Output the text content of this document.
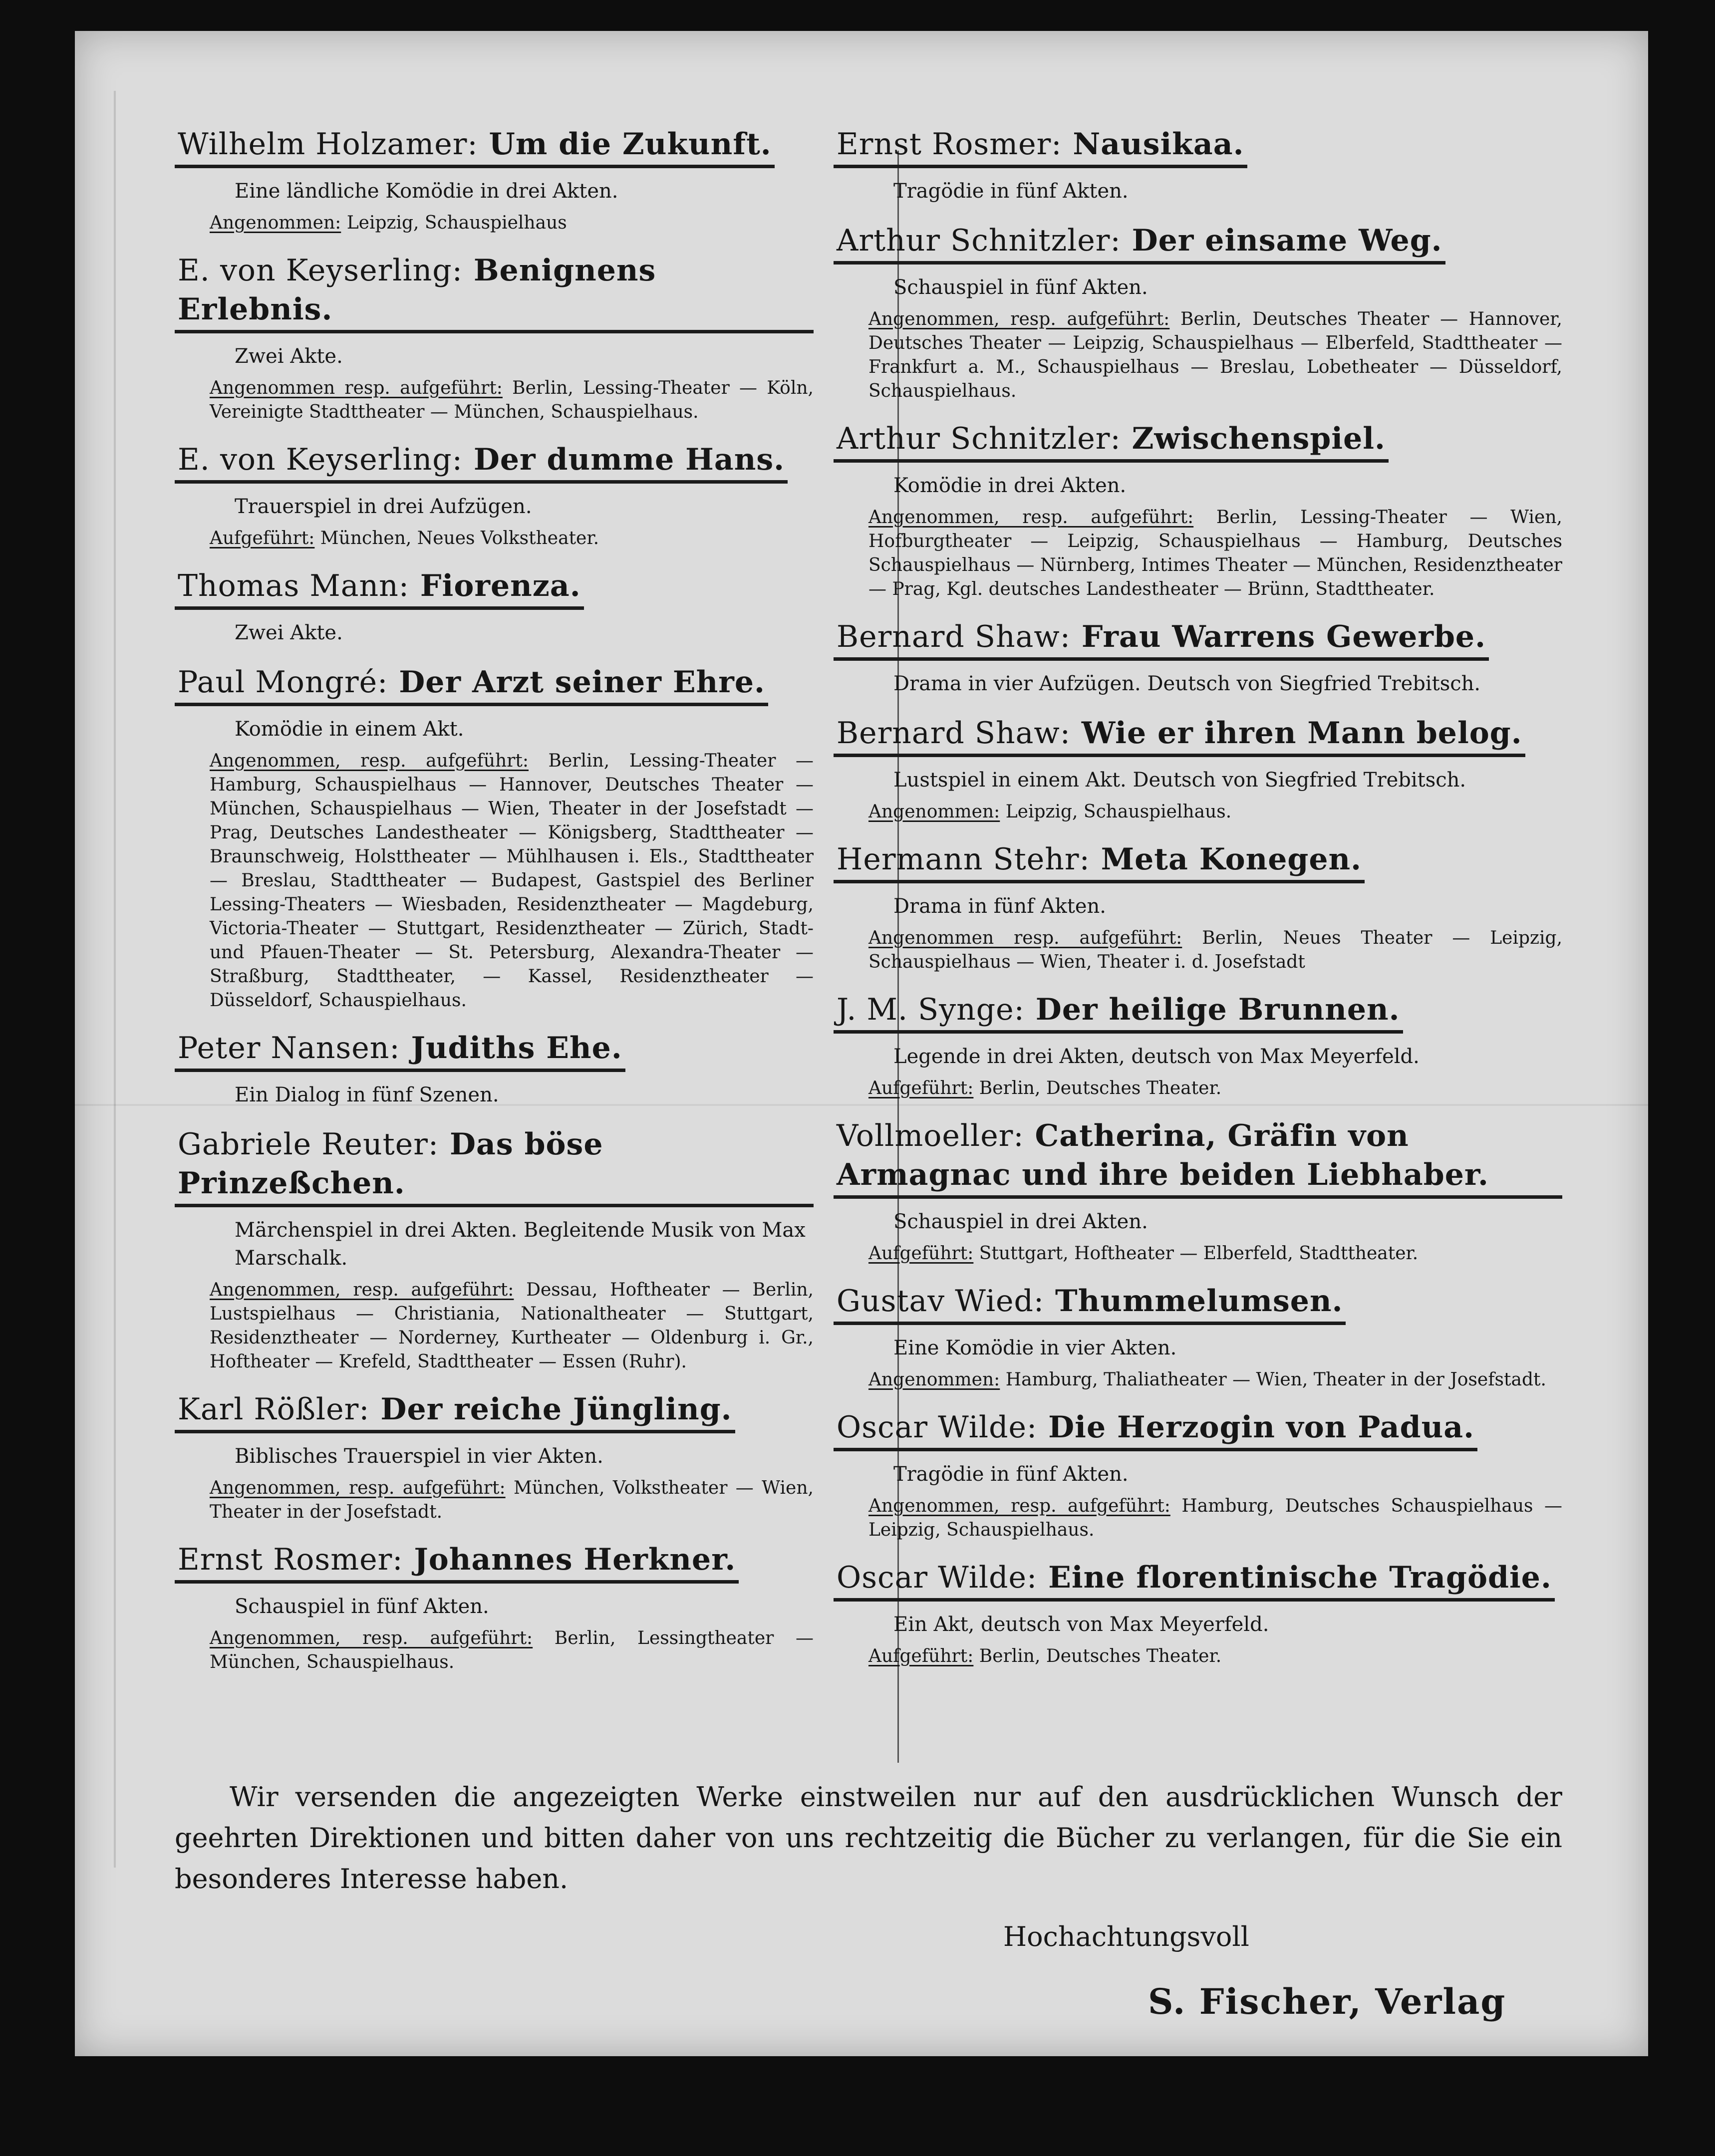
Wilhelm Holzamer: Um die Zukunft.
Eine ländliche Komödie in drei Akten.
Angenommen: Leipzig, Schauspielhaus
E. von Keyserling: Benignens Erlebnis.
Zwei Akte.
Angenommen resp. aufgeführt: Berlin, Lessing-Theater — Köln, Vereinigte Stadttheater — München, Schauspielhaus.
E. von Keyserling: Der dumme Hans.
Trauerspiel in drei Aufzügen.
Aufgeführt: München, Neues Volkstheater.
Thomas Mann: Fiorenza.
Zwei Akte.
Paul Mongré: Der Arzt seiner Ehre.
Komödie in einem Akt.
Angenommen, resp. aufgeführt: Berlin, Lessing-Theater — Hamburg, Schauspielhaus — Hannover, Deutsches Theater — München, Schauspielhaus — Wien, Theater in der Josefstadt — Prag, Deutsches Landestheater — Königsberg, Stadttheater — Braunschweig, Holsttheater — Mühlhausen i. Els., Stadttheater — Breslau, Stadttheater — Budapest, Gastspiel des Berliner Lessing-Theaters — Wiesbaden, Residenztheater — Magdeburg, Victoria-Theater — Stuttgart, Residenztheater — Zürich, Stadt- und Pfauen-Theater — St. Petersburg, Alexandra-Theater — Straßburg, Stadttheater, — Kassel, Residenztheater — Düsseldorf, Schauspielhaus.
Peter Nansen: Judiths Ehe.
Ein Dialog in fünf Szenen.
Gabriele Reuter: Das böse Prinzeßchen.
Märchenspiel in drei Akten. Begleitende Musik von Max Marschalk.
Angenommen, resp. aufgeführt: Dessau, Hoftheater — Berlin, Lustspielhaus — Christiania, Nationaltheater — Stuttgart, Residenztheater — Norderney, Kurtheater — Oldenburg i. Gr., Hoftheater — Krefeld, Stadttheater — Essen (Ruhr).
Karl Rößler: Der reiche Jüngling.
Biblisches Trauerspiel in vier Akten.
Angenommen, resp. aufgeführt: München, Volkstheater — Wien, Theater in der Josefstadt.
Ernst Rosmer: Johannes Herkner.
Schauspiel in fünf Akten.
Angenommen, resp. aufgeführt: Berlin, Lessingtheater — München, Schauspielhaus.
Ernst Rosmer: Nausikaa.
Tragödie in fünf Akten.
Arthur Schnitzler: Der einsame Weg.
Schauspiel in fünf Akten.
Angenommen, resp. aufgeführt: Berlin, Deutsches Theater — Hannover, Deutsches Theater — Leipzig, Schauspielhaus — Elberfeld, Stadttheater — Frankfurt a. M., Schauspielhaus — Breslau, Lobetheater — Düsseldorf, Schauspielhaus.
Arthur Schnitzler: Zwischenspiel.
Komödie in drei Akten.
Angenommen, resp. aufgeführt: Berlin, Lessing-Theater — Wien, Hofburgtheater — Leipzig, Schauspielhaus — Hamburg, Deutsches Schauspielhaus — Nürnberg, Intimes Theater — München, Residenztheater — Prag, Kgl. deutsches Landestheater — Brünn, Stadttheater.
Bernard Shaw: Frau Warrens Gewerbe.
Drama in vier Aufzügen. Deutsch von Siegfried Trebitsch.
Bernard Shaw: Wie er ihren Mann belog.
Lustspiel in einem Akt. Deutsch von Siegfried Trebitsch.
Angenommen: Leipzig, Schauspielhaus.
Hermann Stehr: Meta Konegen.
Drama in fünf Akten.
Angenommen resp. aufgeführt: Berlin, Neues Theater — Leipzig, Schauspielhaus — Wien, Theater i. d. Josefstadt
J. M. Synge: Der heilige Brunnen.
Legende in drei Akten, deutsch von Max Meyerfeld.
Aufgeführt: Berlin, Deutsches Theater.
Vollmoeller: Catherina, Gräfin von Armagnac und ihre beiden Liebhaber.
Schauspiel in drei Akten.
Aufgeführt: Stuttgart, Hoftheater — Elberfeld, Stadttheater.
Gustav Wied: Thummelumsen.
Eine Komödie in vier Akten.
Angenommen: Hamburg, Thaliatheater — Wien, Theater in der Josefstadt.
Oscar Wilde: Die Herzogin von Padua.
Tragödie in fünf Akten.
Angenommen, resp. aufgeführt: Hamburg, Deutsches Schauspielhaus — Leipzig, Schauspielhaus.
Oscar Wilde: Eine florentinische Tragödie.
Ein Akt, deutsch von Max Meyerfeld.
Aufgeführt: Berlin, Deutsches Theater.
Wir versenden die angezeigten Werke einstweilen nur auf den ausdrücklichen Wunsch der geehrten Direktionen und bitten daher von uns rechtzeitig die Bücher zu verlangen, für die Sie ein besonderes Interesse haben.
Hochachtungsvoll
S. Fischer, Verlag
